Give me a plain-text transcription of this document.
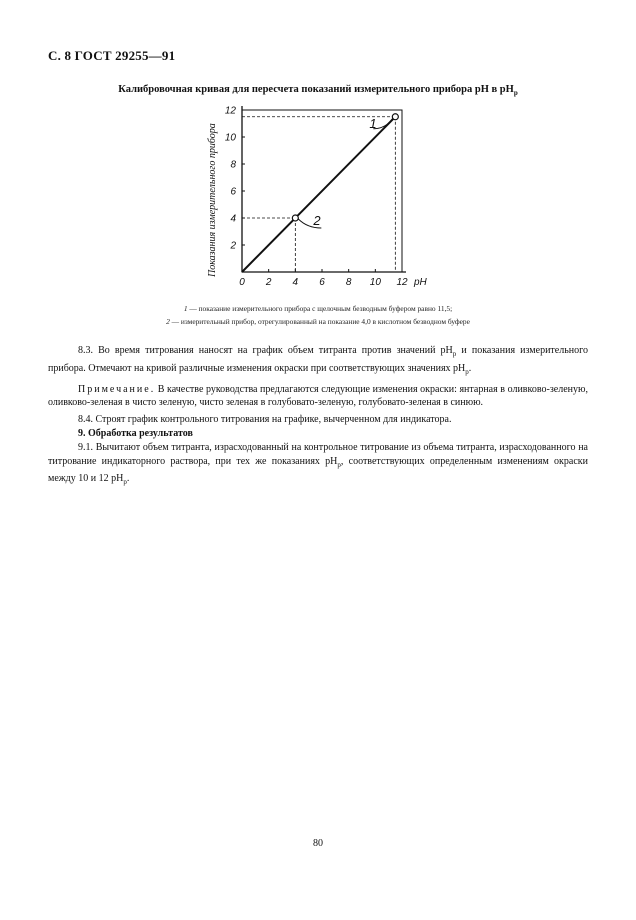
С. 8 ГОСТ 29255—91
Калибровочная кривая для пересчета показаний измерительного прибора рН в $рН_р$
0 2 4 6 8 10 12 рН
2
4
6
8
10
12
1
2
Показания измерительного прибора
1 — показание измерительного прибора с щелочным безводным буфером равно 11,5;
2 — измерительный прибор, отрегулированный на показание 4,0 в кислотном безводном буфере

8.3. Во время титрования наносят на график объем титранта против значений $рН_р$ и показания измерительного прибора. Отмечают на кривой различные изменения окраски при соответствующих значениях $рН_р$.

Примечание. В качестве руководства предлагаются следующие изменения окраски: янтарная в оливково-зеленую, оливково-зеленая в чисто зеленую, чисто зеленая в голубовато-зеленую, голубовато-зеленая в синюю.

8.4. Строят график контрольного титрования на графике, вычерченном для индикатора.

9. Обработка результатов

9.1. Вычитают объем титранта, израсходованный на контрольное титрование из объема титранта, израсходованного на титрование индикаторного раствора, при тех же показаниях $рН_р$, соответствующих определенным изменениям окраски между 10 и 12 $рН_р$.

80
